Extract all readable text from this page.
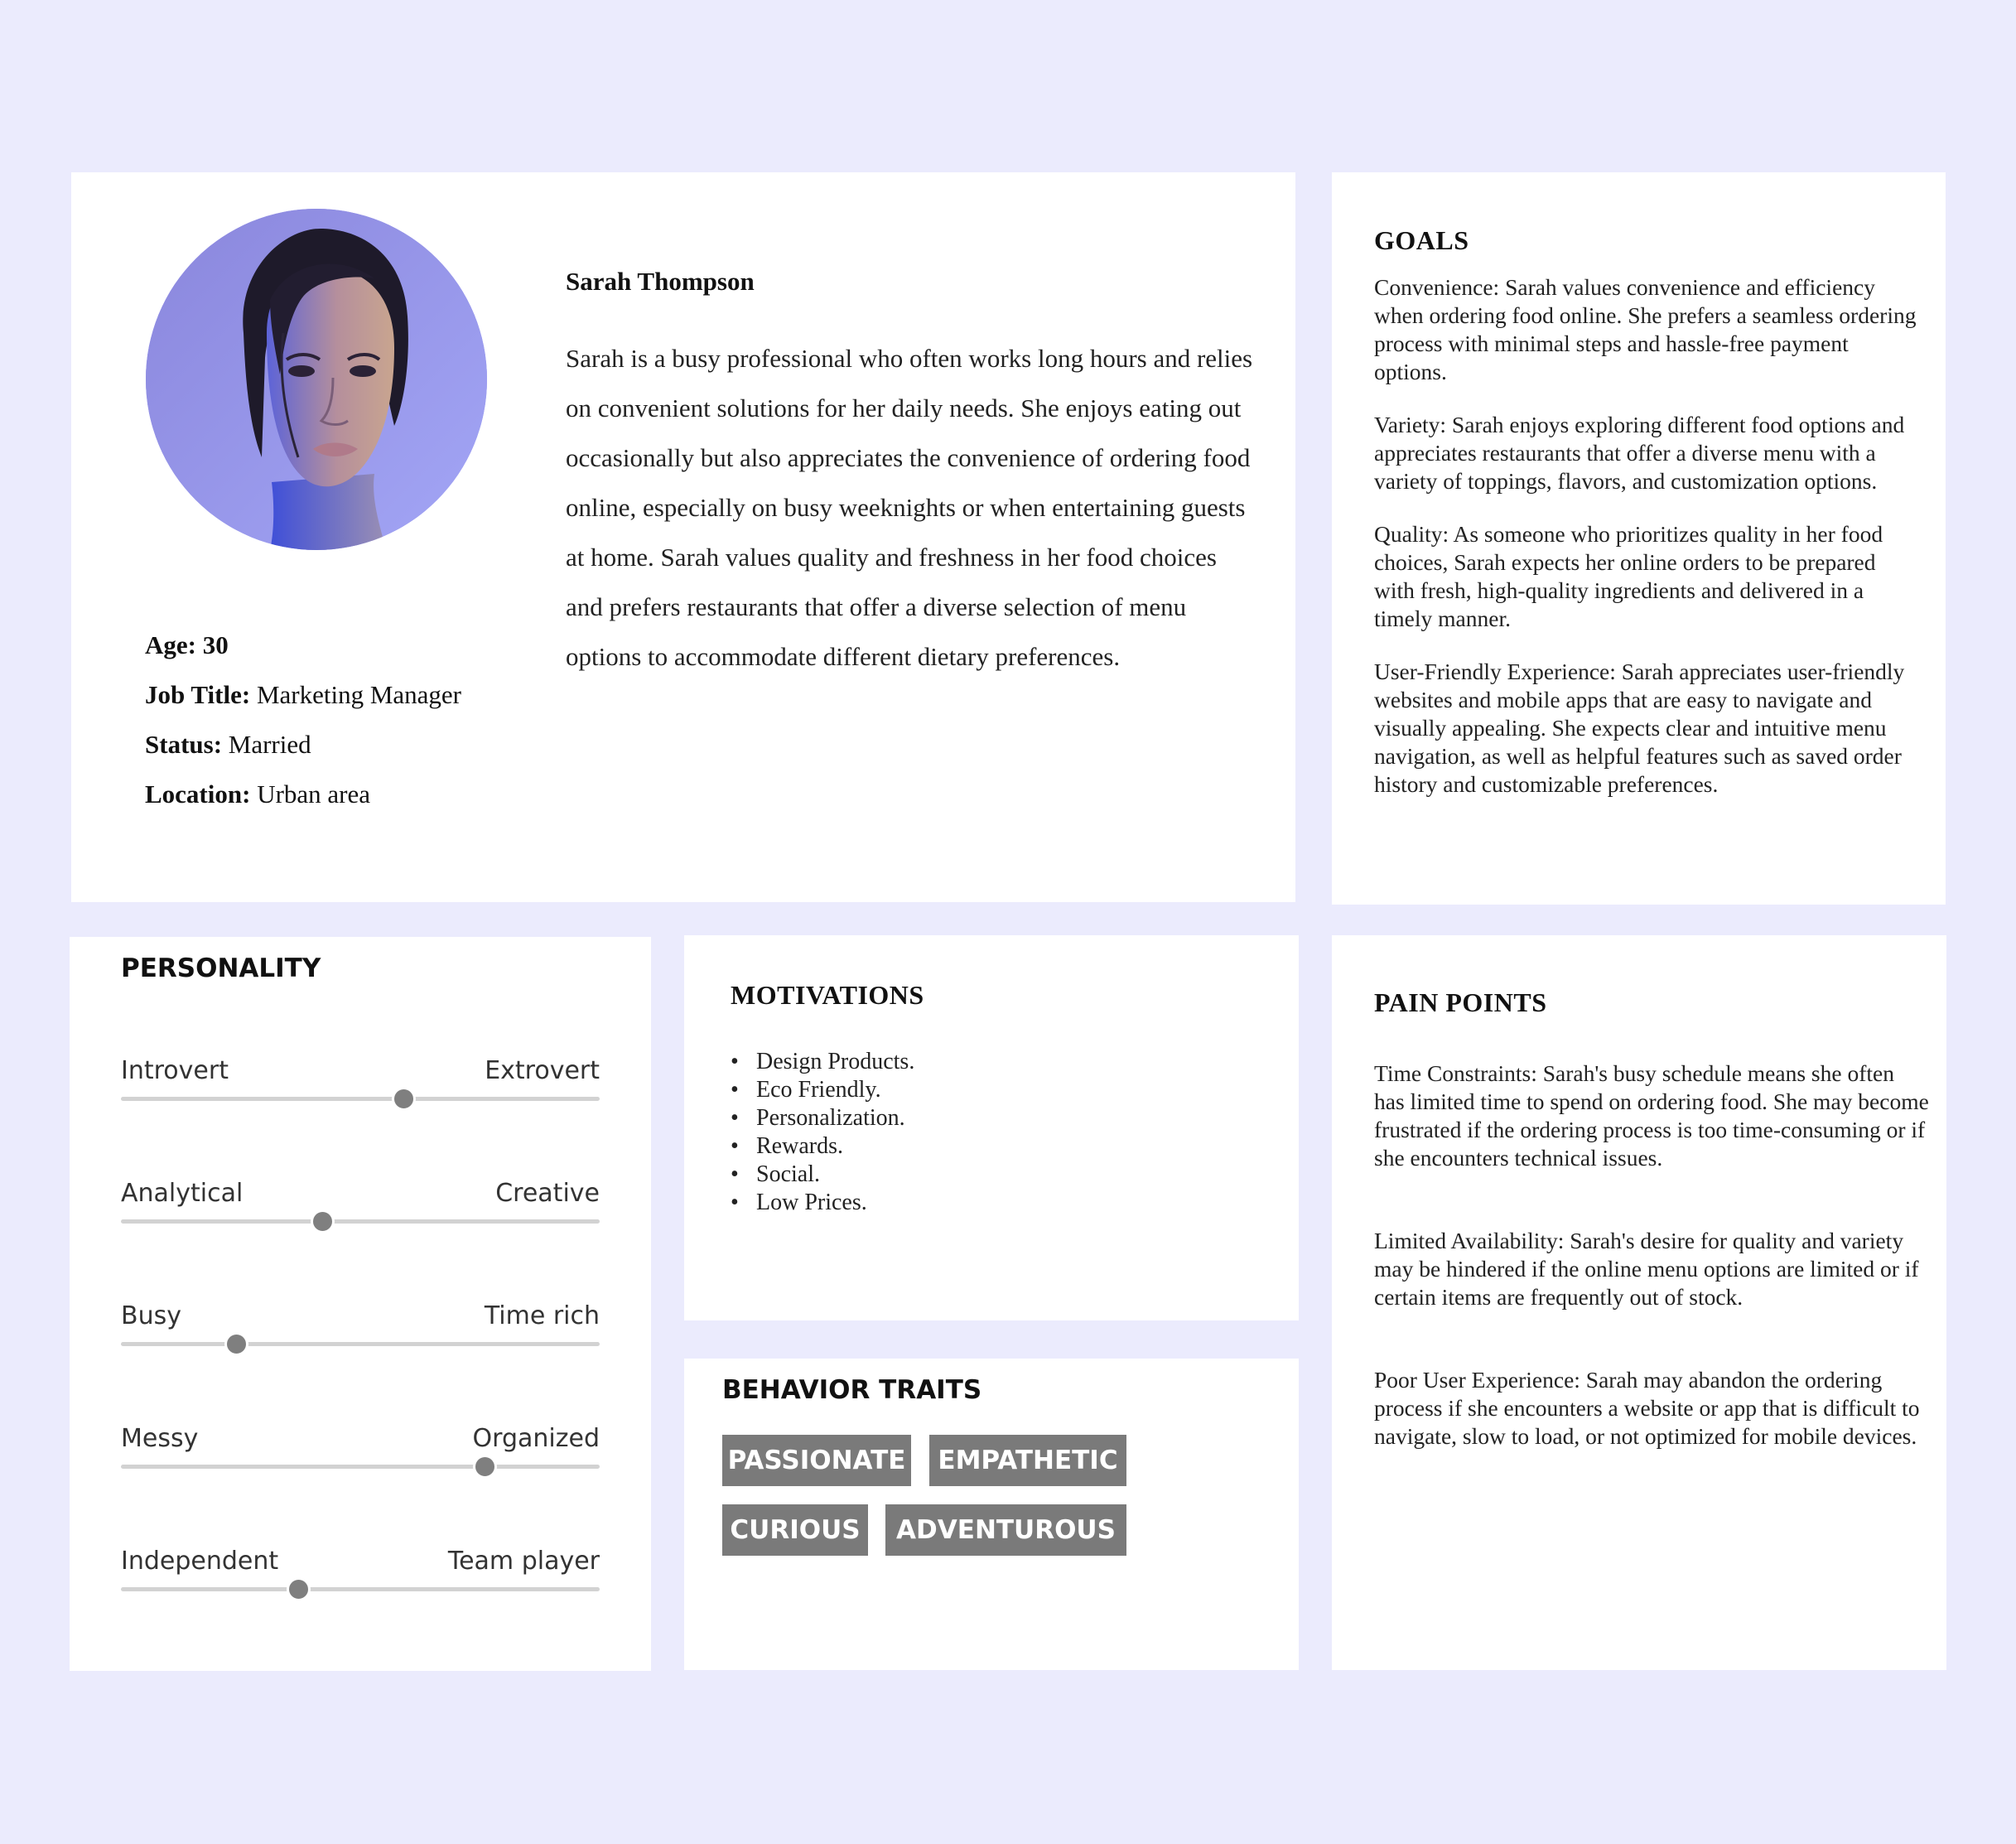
Age: 30
Job Title: Marketing Manager
Status: Married
Location: Urban area
Sarah Thompson
Sarah is a busy professional who often works long hours and relies on convenient solutions for her daily needs. She enjoys eating out occasionally but also appreciates the convenience of ordering food online, especially on busy weeknights or when entertaining guests at home. Sarah values quality and freshness in her food choices and prefers restaurants that offer a diverse selection of menu options to accommodate different dietary preferences.
GOALS

Convenience: Sarah values convenience and efficiency when ordering food online. She prefers a seamless ordering process with minimal steps and hassle-free payment options.

Variety: Sarah enjoys exploring different food options and appreciates restaurants that offer a diverse menu with a variety of toppings, flavors, and customization options.

Quality: As someone who prioritizes quality in her food choices, Sarah expects her online orders to be prepared with fresh, high-quality ingredients and delivered in a timely manner.

User-Friendly Experience: Sarah appreciates user-friendly websites and mobile apps that are easy to navigate and visually appealing. She expects clear and intuitive menu navigation, as well as helpful features such as saved order history and customizable preferences.

PERSONALITY
Introvert	Extrovert
Analytical	Creative
Busy	Time rich
Messy	Organized
Independent	Team player
MOTIVATIONS
• Design Products.
• Eco Friendly.
• Personalization.
• Rewards.
• Social.
• Low Prices.
BEHAVIOR TRAITS
PASSIONATE	EMPATHETIC
CURIOUS	ADVENTUROUS
PAIN POINTS

Time Constraints: Sarah's busy schedule means she often has limited time to spend on ordering food. She may become frustrated if the ordering process is too time-consuming or if she encounters technical issues.

Limited Availability: Sarah's desire for quality and variety may be hindered if the online menu options are limited or if certain items are frequently out of stock.

Poor User Experience: Sarah may abandon the ordering process if she encounters a website or app that is difficult to navigate, slow to load, or not optimized for mobile devices.
